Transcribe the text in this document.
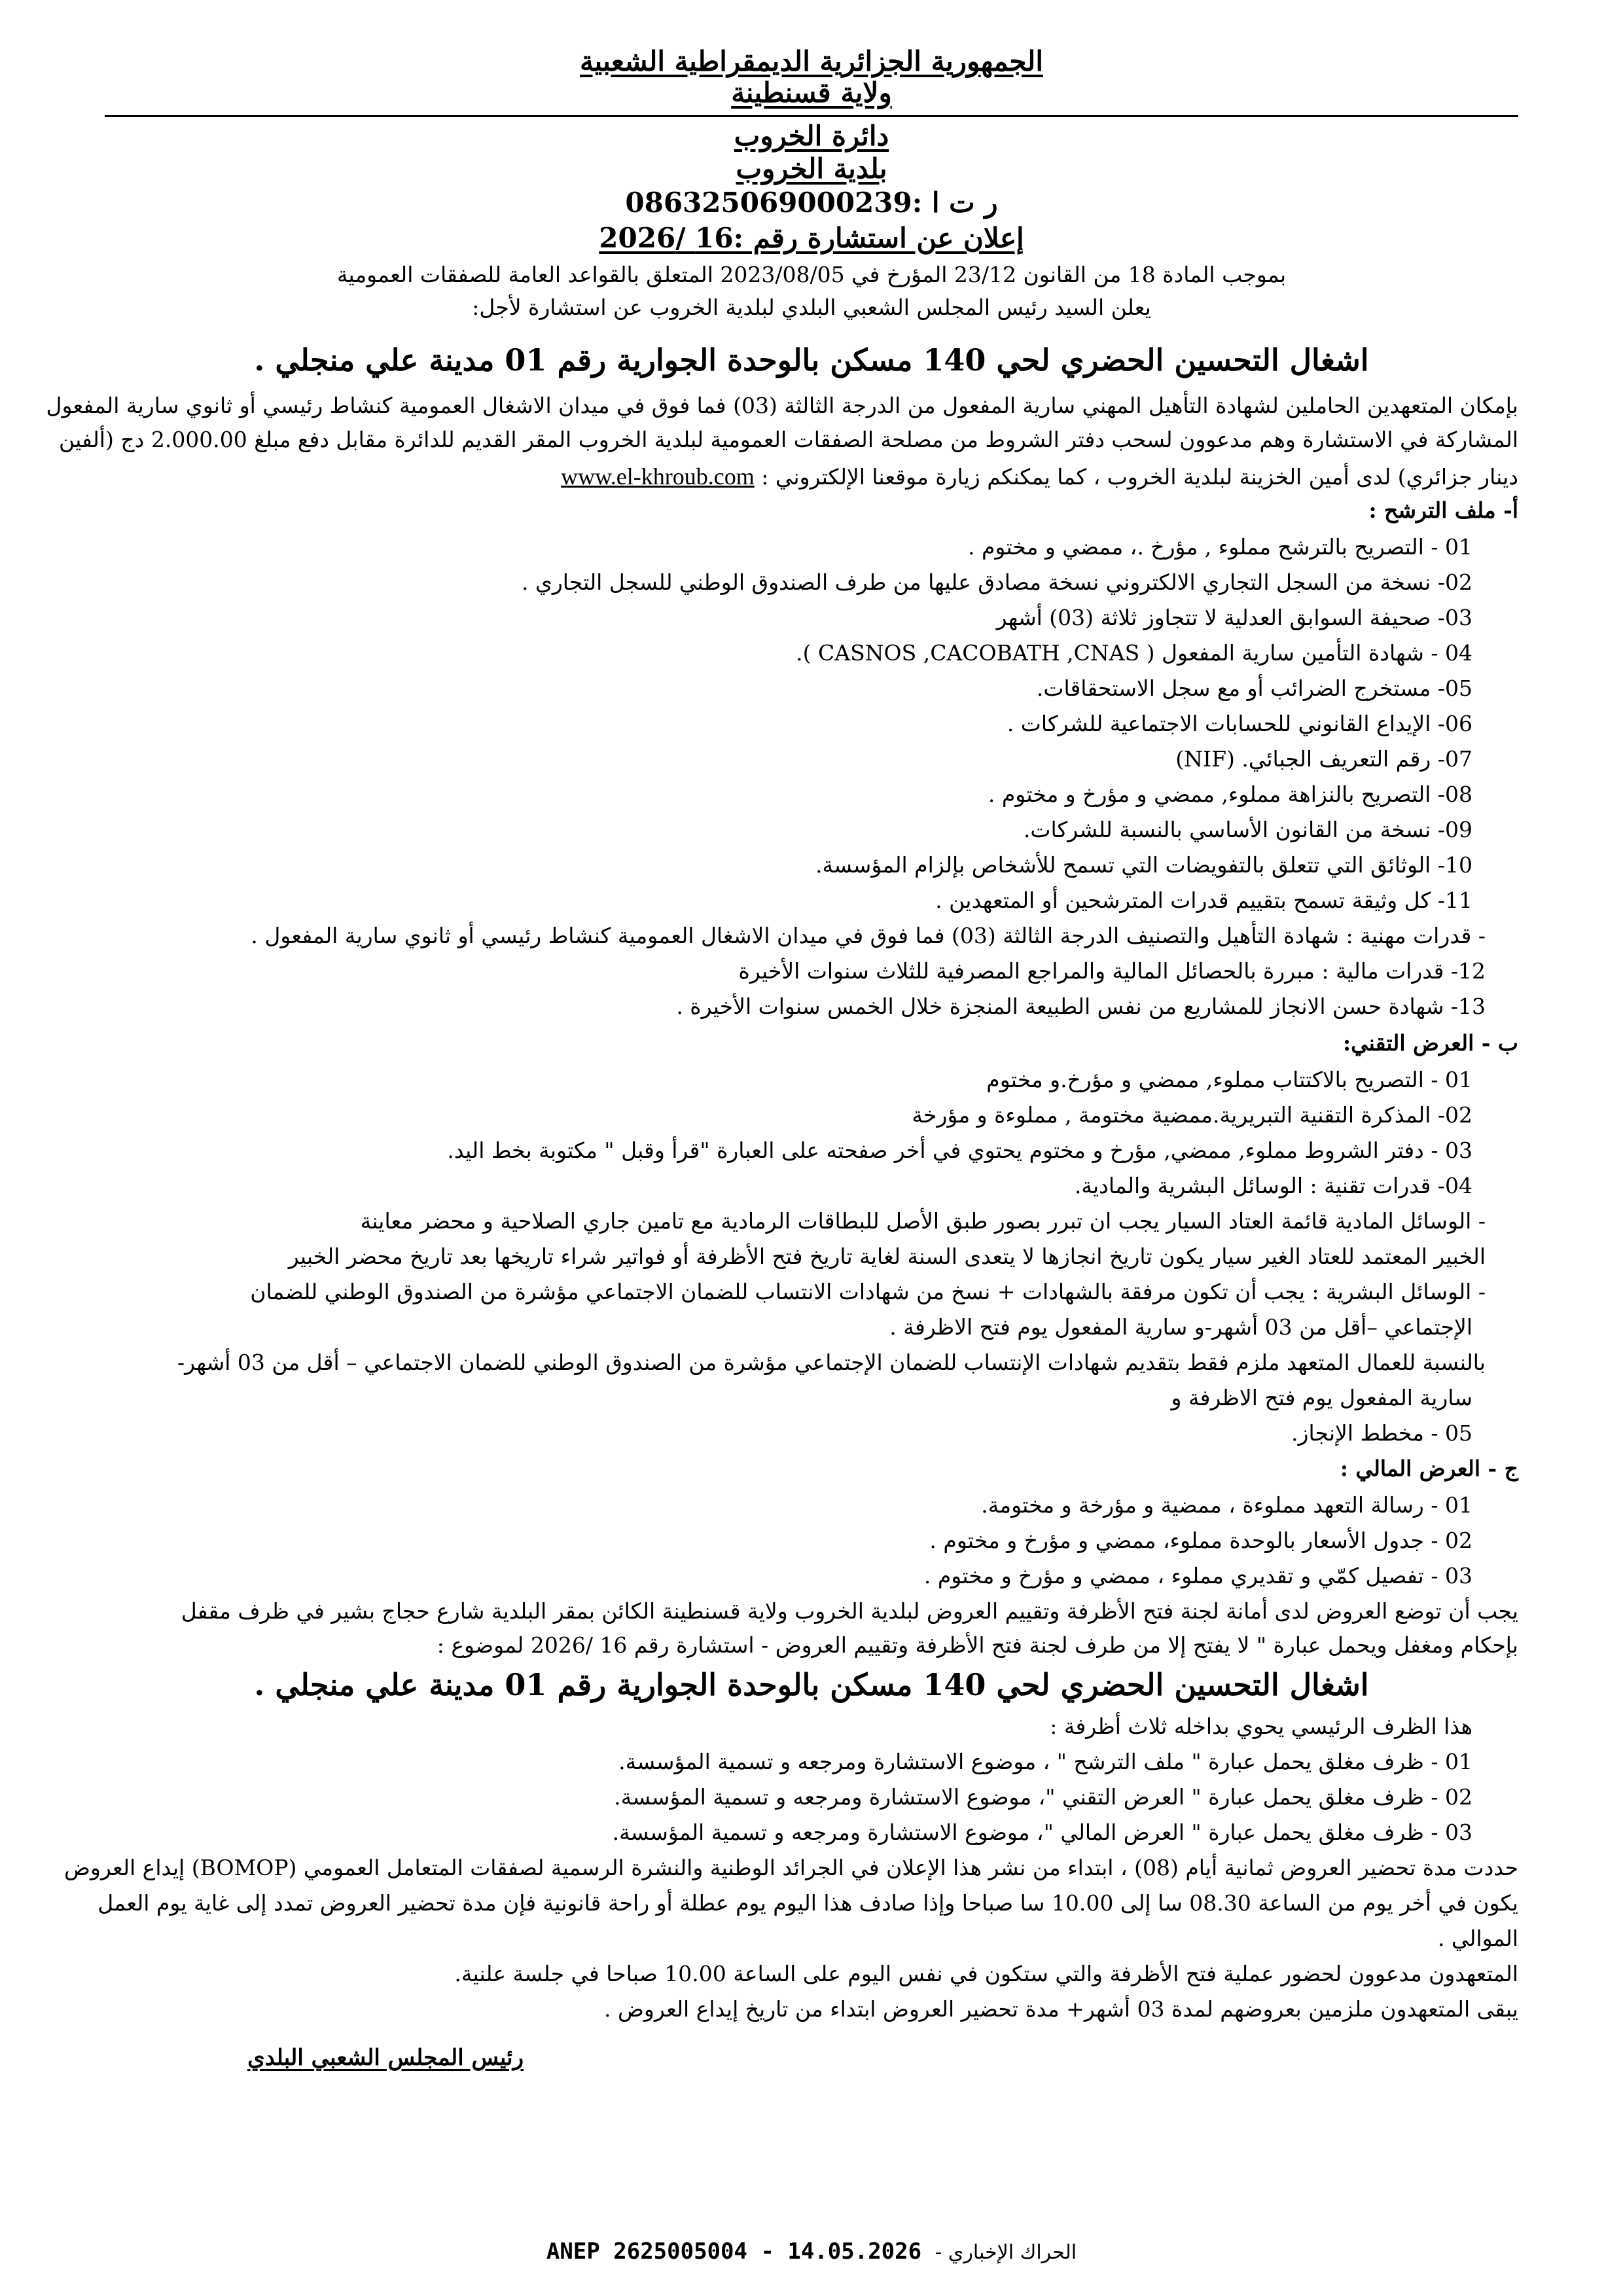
الجمهورية الجزائرية الديمقراطية الشعبية
ولاية قسنطينة
دائرة الخروب
بلدية الخروب
ر ت ا :086325069000239
إعلان عن استشارة رقم :16 /2026
بموجب المادة 18 من القانون 23/12 المؤرخ في 2023/08/05 المتعلق بالقواعد العامة للصفقات العمومية
يعلن السيد رئيس المجلس الشعبي البلدي لبلدية الخروب عن استشارة لأجل:
اشغال التحسين الحضري لحي 140 مسكن بالوحدة الجوارية رقم 01 مدينة علي منجلي .
بإمكان المتعهدين الحاملين لشهادة التأهيل المهني سارية المفعول من الدرجة الثالثة (03) فما فوق في ميدان الاشغال العمومية كنشاط رئيسي أو ثانوي سارية المفعول
المشاركة في الاستشارة وهم مدعوون لسحب دفتر الشروط من مصلحة الصفقات العمومية لبلدية الخروب المقر القديم للدائرة مقابل دفع مبلغ 2.000.00 دج (ألفين
دينار جزائري) لدى أمين الخزينة لبلدية الخروب ، كما يمكنكم زيارة موقعنا الإلكتروني : www.el-khroub.com
أ- ملف الترشح :
01 - التصريح بالترشح مملوء , مؤرخ .، ممضي و مختوم .
02- نسخة من السجل التجاري الالكتروني نسخة مصادق عليها من طرف الصندوق الوطني للسجل التجاري .
03- صحيفة السوابق العدلية لا تتجاوز ثلاثة (03) أشهر
04 - شهادة التأمين سارية المفعول ( CASNOS ,CACOBATH ,CNAS ).
05- مستخرج الضرائب أو مع سجل الاستحقاقات.
06- الإيداع القانوني للحسابات الاجتماعية للشركات .
07- رقم التعريف الجبائي. (NIF)
08- التصريح بالنزاهة مملوء, ممضي و مؤرخ و مختوم .
09- نسخة من القانون الأساسي بالنسبة للشركات.
10- الوثائق التي تتعلق بالتفويضات التي تسمح للأشخاص بإلزام المؤسسة.
11- كل وثيقة تسمح بتقييم قدرات المترشحين أو المتعهدين .
- قدرات مهنية : شهادة التأهيل والتصنيف الدرجة الثالثة (03) فما فوق في ميدان الاشغال العمومية كنشاط رئيسي أو ثانوي سارية المفعول .
12- قدرات مالية : مبررة بالحصائل المالية والمراجع المصرفية للثلاث سنوات الأخيرة
13- شهادة حسن الانجاز للمشاريع من نفس الطبيعة المنجزة خلال الخمس سنوات الأخيرة .
ب - العرض التقني:
01 - التصريح بالاكتتاب مملوء, ممضي و مؤرخ.و مختوم
02- المذكرة التقنية التبريرية.ممضية مختومة , مملوءة و مؤرخة
03 - دفتر الشروط مملوء, ممضي, مؤرخ و مختوم يحتوي في أخر صفحته على العبارة "قرأ وقبل " مكتوبة بخط اليد.
04- قدرات تقنية : الوسائل البشرية والمادية.
- الوسائل المادية قائمة العتاد السيار يجب ان تبرر بصور طبق الأصل للبطاقات الرمادية مع تامين جاري الصلاحية و محضر معاينة
الخبير المعتمد للعتاد الغير سيار يكون تاريخ انجازها لا يتعدى السنة لغاية تاريخ فتح الأظرفة أو فواتير شراء تاريخها بعد تاريخ محضر الخبير
- الوسائل البشرية : يجب أن تكون مرفقة بالشهادات + نسخ من شهادات الانتساب للضمان الاجتماعي مؤشرة من الصندوق الوطني للضمان
الإجتماعي –أقل من 03 أشهر-و سارية المفعول يوم فتح الاظرفة .
بالنسبة للعمال المتعهد ملزم فقط بتقديم شهادات الإنتساب للضمان الإجتماعي مؤشرة من الصندوق الوطني للضمان الاجتماعي – أقل من 03 أشهر-
سارية المفعول يوم فتح الاظرفة و
05 - مخطط الإنجاز.
ج - العرض المالي :
01 - رسالة التعهد مملوءة ، ممضية و مؤرخة و مختومة.
02 - جدول الأسعار بالوحدة مملوء، ممضي و مؤرخ و مختوم .
03 - تفصيل كمّي و تقديري مملوء ، ممضي و مؤرخ و مختوم .
يجب أن توضع العروض لدى أمانة لجنة فتح الأظرفة وتقييم العروض لبلدية الخروب ولاية قسنطينة الكائن بمقر البلدية شارع حجاج بشير في ظرف مقفل
بإحكام ومغفل ويحمل عبارة " لا يفتح إلا من طرف لجنة فتح الأظرفة وتقييم العروض - استشارة رقم 16 /2026 لموضوع :
اشغال التحسين الحضري لحي 140 مسكن بالوحدة الجوارية رقم 01 مدينة علي منجلي .
هذا الظرف الرئيسي يحوي بداخله ثلاث أظرفة :
01 - ظرف مغلق يحمل عبارة " ملف الترشح " ، موضوع الاستشارة ومرجعه و تسمية المؤسسة.
02 - ظرف مغلق يحمل عبارة " العرض التقني "، موضوع الاستشارة ومرجعه و تسمية المؤسسة.
03 - ظرف مغلق يحمل عبارة " العرض المالي "، موضوع الاستشارة ومرجعه و تسمية المؤسسة.
حددت مدة تحضير العروض ثمانية أيام (08) ، ابتداء من نشر هذا الإعلان في الجرائد الوطنية والنشرة الرسمية لصفقات المتعامل العمومي (BOMOP) إيداع العروض
يكون في أخر يوم من الساعة 08.30 سا إلى 10.00 سا صباحا وإذا صادف هذا اليوم يوم عطلة أو راحة قانونية فإن مدة تحضير العروض تمدد إلى غاية يوم العمل
الموالي .
المتعهدون مدعوون لحضور عملية فتح الأظرفة والتي ستكون في نفس اليوم على الساعة 10.00 صباحا في جلسة علنية.
يبقى المتعهدون ملزمين بعروضهم لمدة 03 أشهر+ مدة تحضير العروض ابتداء من تاريخ إيداع العروض .
رئيس المجلس الشعبي البلدي
الحراك الإخباري - ANEP 2625005004 - 14.05.2026
